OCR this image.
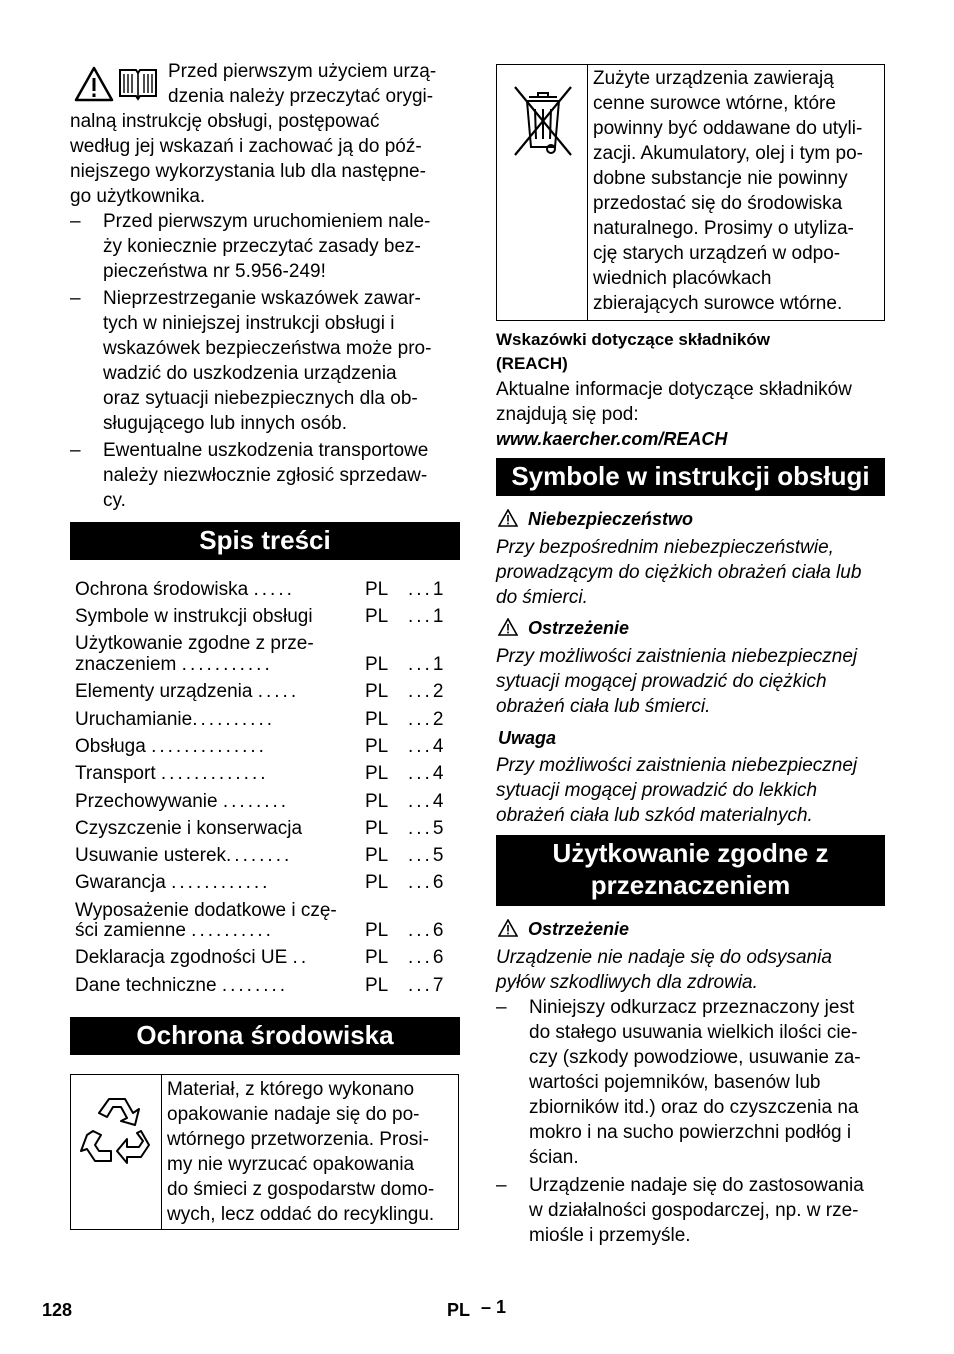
Przed pierwszym użyciem urzą-

dzenia należy przeczytać orygi-

nalną instrukcję obsługi, postępować

według jej wskazań i zachować ją do póź-

niejszego wykorzystania lub dla następne-

go użytkownika.

– Przed pierwszym uruchomieniem nale-
ży koniecznie przeczytać zasady bez-
pieczeństwa nr 5.956-249!
– Nieprzestrzeganie wskazówek zawar-
tych w niniejszej instrukcji obsługi i
wskazówek bezpieczeństwa może pro-
wadzić do uszkodzenia urządzenia
oraz sytuacji niebezpiecznych dla ob-
sługującego lub innych osób.
– Ewentualne uszkodzenia transportowe
należy niezwłocznie zgłosić sprzedaw-
cy.
Spis treści
Ochrona środowiska .....	PL ...1
Symbole w instrukcji obsługi	PL ...1
Użytkowanie zgodne z prze-
znaczeniem ...........	PL ...1
Elementy urządzenia .....	PL ...2
Uruchamianie..........	PL ...2
Obsługa ..............	PL ...4
Transport .............	PL ...4
Przechowywanie ........	PL ...4
Czyszczenie i konserwacja	PL ...5
Usuwanie usterek........	PL ...5
Gwarancja ............	PL ...6
Wyposażenie dodatkowe i czę-
ści zamienne ..........	PL ...6
Deklaracja zgodności UE ..	PL ...6
Dane techniczne ........	PL ...7
Ochrona środowiska
Materiał, z którego wykonano
opakowanie nadaje się do po-
wtórnego przetworzenia. Prosi-
my nie wyrzucać opakowania
do śmieci z gospodarstw domo-
wych, lecz oddać do recyklingu.
Zużyte urządzenia zawierają
cenne surowce wtórne, które
powinny być oddawane do utyli-
zacji. Akumulatory, olej i tym po-
dobne substancje nie powinny
przedostać się do środowiska
naturalnego. Prosimy o utyliza-
cję starych urządzeń w odpo-
wiednich placówkach
zbierających surowce wtórne.
Wskazówki dotyczące składników
(REACH)
Aktualne informacje dotyczące składników
znajdują się pod:
www.kaercher.com/REACH
Symbole w instrukcji obsługi
Niebezpieczeństwo
Przy bezpośrednim niebezpieczeństwie,
prowadzącym do ciężkich obrażeń ciała lub
do śmierci.
Ostrzeżenie
Przy możliwości zaistnienia niebezpiecznej
sytuacji mogącej prowadzić do ciężkich
obrażeń ciała lub śmierci.
Uwaga
Przy możliwości zaistnienia niebezpiecznej
sytuacji mogącej prowadzić do lekkich
obrażeń ciała lub szkód materialnych.
Użytkowanie zgodne z
przeznaczeniem
Ostrzeżenie
Urządzenie nie nadaje się do odsysania
pyłów szkodliwych dla zdrowia.
– Niniejszy odkurzacz przeznaczony jest
do stałego usuwania wielkich ilości cie-
czy (szkody powodziowe, usuwanie za-
wartości pojemników, basenów lub
zbiorników itd.) oraz do czyszczenia na
mokro i na sucho powierzchni podłóg i
ścian.
– Urządzenie nadaje się do zastosowania
w działalności gospodarczej, np. w rze-
miośle i przemyśle.
128	PL – 1
